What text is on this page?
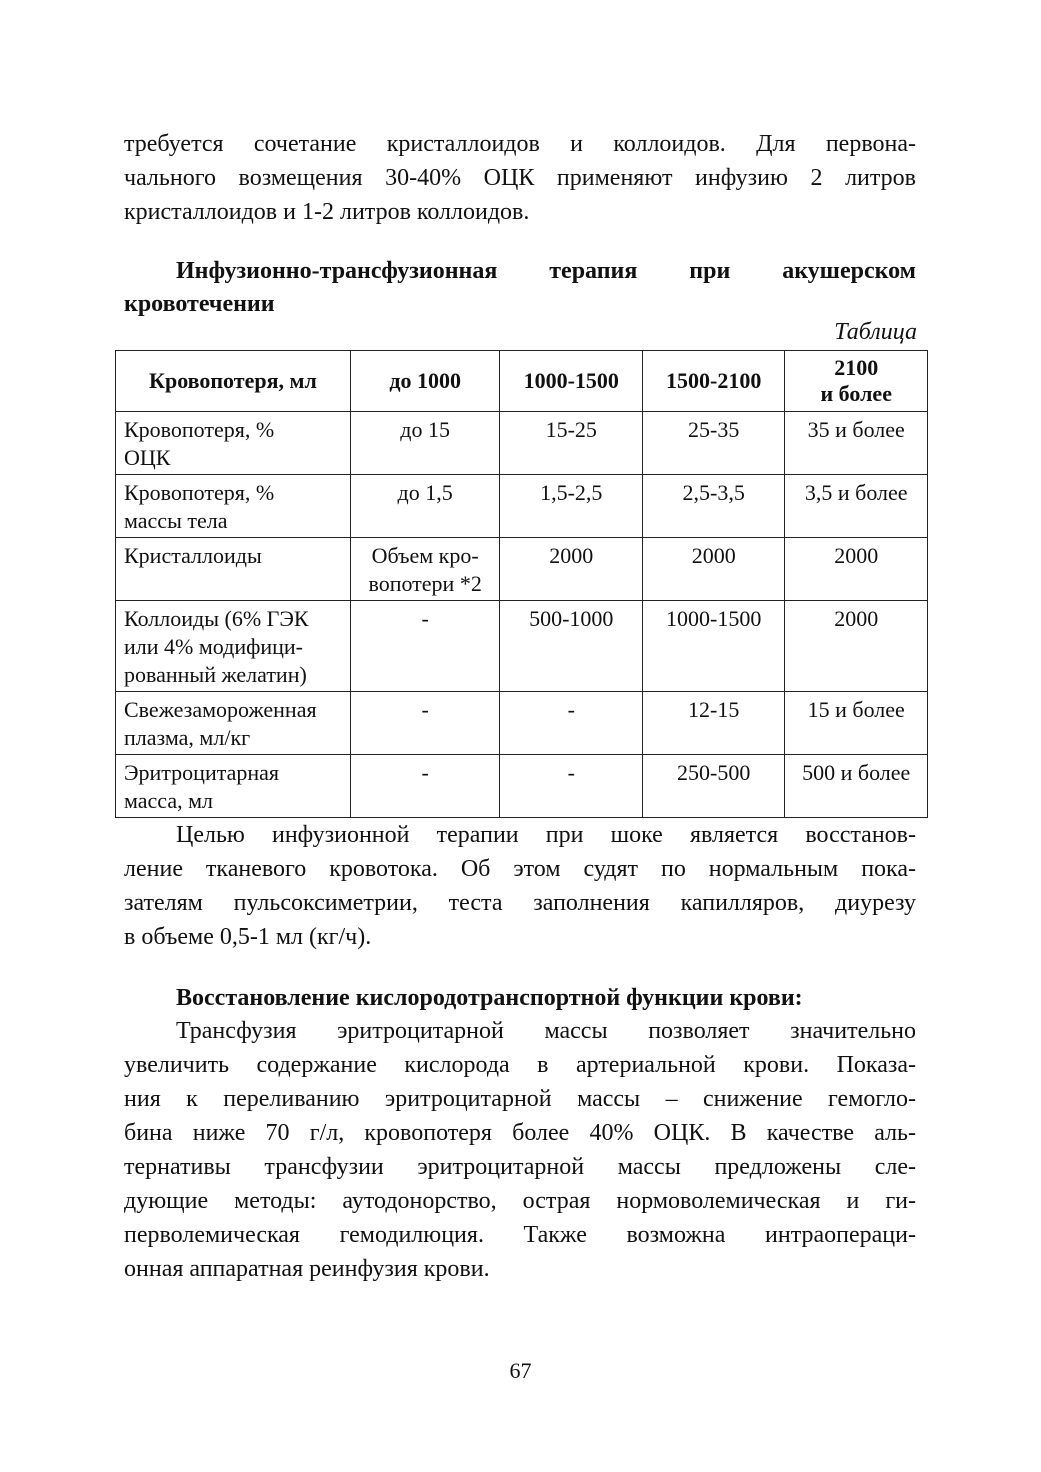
требуется сочетание кристаллоидов и коллоидов. Для первона-
чального возмещения 30-40% ОЦК применяют инфузию 2 литров
кристаллоидов и 1-2 литров коллоидов.

Инфузионно-трансфузионная терапия при акушерском
кровотечении

Таблица

Кровопотеря, мл	до 1000	1000-1500	1500-2100	2100
и более
Кровопотеря, %
ОЦК	до 15	15-25	25-35	35 и более
Кровопотеря, %
массы тела	до 1,5	1,5-2,5	2,5-3,5	3,5 и более
Кристаллоиды	Объем кро-
вопотери *2	2000	2000	2000
Коллоиды (6% ГЭК
или 4% модифици-
рованный желатин)	-	500-1000	1000-1500	2000
Свежезамороженная
плазма, мл/кг	-	-	12-15	15 и более
Эритроцитарная
масса, мл	-	-	250-500	500 и более

Целью инфузионной терапии при шоке является восстанов-
ление тканевого кровотока. Об этом судят по нормальным пока-
зателям пульсоксиметрии, теста заполнения капилляров, диурезу
в объеме 0,5-1 мл (кг/ч).

Восстановление кислородотранспортной функции крови:

Трансфузия эритроцитарной массы позволяет значительно
увеличить содержание кислорода в артериальной крови. Показа-
ния к переливанию эритроцитарной массы – снижение гемогло-
бина ниже 70 г/л, кровопотеря более 40% ОЦК. В качестве аль-
тернативы трансфузии эритроцитарной массы предложены сле-
дующие методы: аутодонорство, острая нормоволемическая и ги-
перволемическая гемодилюция. Также возможна интраопераци-
онная аппаратная реинфузия крови.

67
